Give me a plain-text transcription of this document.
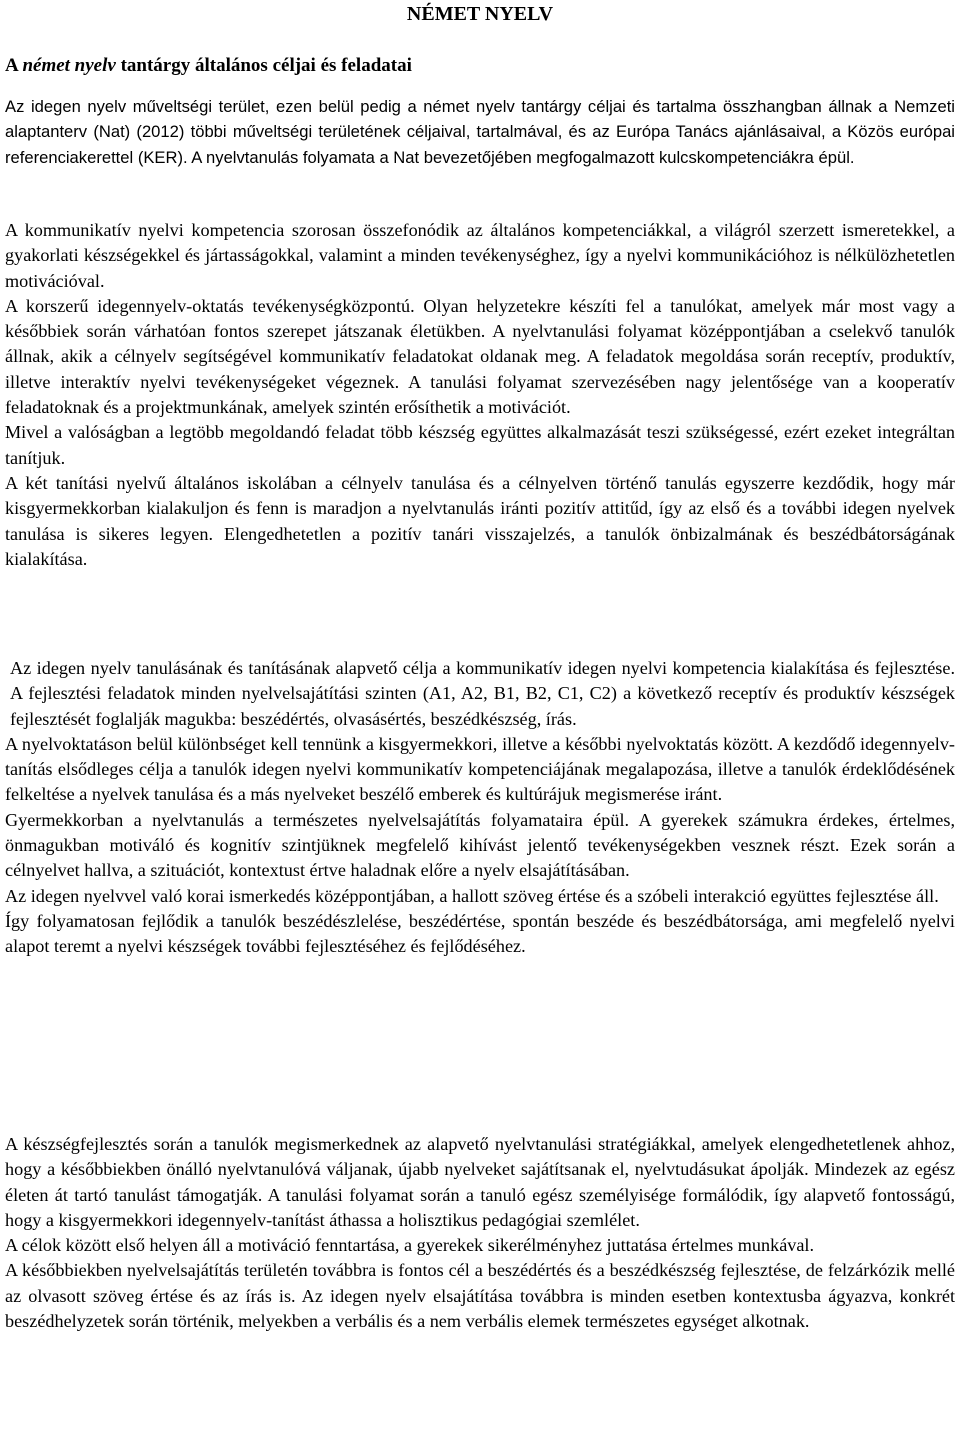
NÉMET NYELV
A német nyelv tantárgy általános céljai és feladatai

Az idegen nyelv műveltségi terület, ezen belül pedig a német nyelv tantárgy céljai és tartalma összhangban állnak a Nemzeti alaptanterv (Nat) (2012) többi műveltségi területének céljaival, tartalmával, és az Európa Tanács ajánlásaival, a Közös európai referenciakerettel (KER). A nyelvtanulás folyamata a Nat bevezetőjében megfogalmazott kulcskompetenciákra épül.

A kommunikatív nyelvi kompetencia szorosan összefonódik az általános kompetenciákkal, a világról szerzett ismeretekkel, a gyakorlati készségekkel és jártasságokkal, valamint a minden tevékenységhez, így a nyelvi kommunikációhoz is nélkülözhetetlen motivációval.

A korszerű idegennyelv-oktatás tevékenységközpontú. Olyan helyzetekre készíti fel a tanulókat, amelyek már most vagy a későbbiek során várhatóan fontos szerepet játszanak életükben. A nyelvtanulási folyamat középpontjában a cselekvő tanulók állnak, akik a célnyelv segítségével kommunikatív feladatokat oldanak meg. A feladatok megoldása során receptív, produktív, illetve interaktív nyelvi tevékenységeket végeznek. A tanulási folyamat szervezésében nagy jelentősége van a kooperatív feladatoknak és a projektmunkának, amelyek szintén erősíthetik a motivációt.

Mivel a valóságban a legtöbb megoldandó feladat több készség együttes alkalmazását teszi szükségessé, ezért ezeket integráltan tanítjuk.

A két tanítási nyelvű általános iskolában a célnyelv tanulása és a célnyelven történő tanulás egyszerre kezdődik, hogy már kisgyermekkorban kialakuljon és fenn is maradjon a nyelvtanulás iránti pozitív attitűd, így az első és a további idegen nyelvek tanulása is sikeres legyen. Elengedhetetlen a pozitív tanári visszajelzés, a tanulók önbizalmának és beszédbátorságának kialakítása.

Az idegen nyelv tanulásának és tanításának alapvető célja a kommunikatív idegen nyelvi kompetencia kialakítása és fejlesztése. A fejlesztési feladatok minden nyelvelsajátítási szinten (A1, A2, B1, B2, C1, C2) a következő receptív és produktív készségek fejlesztését foglalják magukba: beszédértés, olvasásértés, beszédkészség, írás.

A nyelvoktatáson belül különbséget kell tennünk a kisgyermekkori, illetve a későbbi nyelvoktatás között. A kezdődő idegennyelv-tanítás elsődleges célja a tanulók idegen nyelvi kommunikatív kompetenciájának megalapozása, illetve a tanulók érdeklődésének felkeltése a nyelvek tanulása és a más nyelveket beszélő emberek és kultúrájuk megismerése iránt.

Gyermekkorban a nyelvtanulás a természetes nyelvelsajátítás folyamataira épül. A gyerekek számukra érdekes, értelmes, önmagukban motiváló és kognitív szintjüknek megfelelő kihívást jelentő tevékenységekben vesznek részt. Ezek során a célnyelvet hallva, a szituációt, kontextust értve haladnak előre a nyelv elsajátításában.

Az idegen nyelvvel való korai ismerkedés középpontjában, a hallott szöveg értése és a szóbeli interakció együttes fejlesztése áll.

Így folyamatosan fejlődik a tanulók beszédészlelése, beszédértése, spontán beszéde és beszédbátorsága, ami megfelelő nyelvi alapot teremt a nyelvi készségek további fejlesztéséhez és fejlődéséhez.

A készségfejlesztés során a tanulók megismerkednek az alapvető nyelvtanulási stratégiákkal, amelyek elengedhetetlenek ahhoz, hogy a későbbiekben önálló nyelvtanulóvá váljanak, újabb nyelveket sajátítsanak el, nyelvtudásukat ápolják. Mindezek az egész életen át tartó tanulást támogatják. A tanulási folyamat során a tanuló egész személyisége formálódik, így alapvető fontosságú, hogy a kisgyermekkori idegennyelv-tanítást áthassa a holisztikus pedagógiai szemlélet.

A célok között első helyen áll a motiváció fenntartása, a gyerekek sikerélményhez juttatása értelmes munkával.

A későbbiekben nyelvelsajátítás területén továbbra is fontos cél a beszédértés és a beszédkészség fejlesztése, de felzárkózik mellé az olvasott szöveg értése és az írás is. Az idegen nyelv elsajátítása továbbra is minden esetben kontextusba ágyazva, konkrét beszédhelyzetek során történik, melyekben a verbális és a nem verbális elemek természetes egységet alkotnak.
